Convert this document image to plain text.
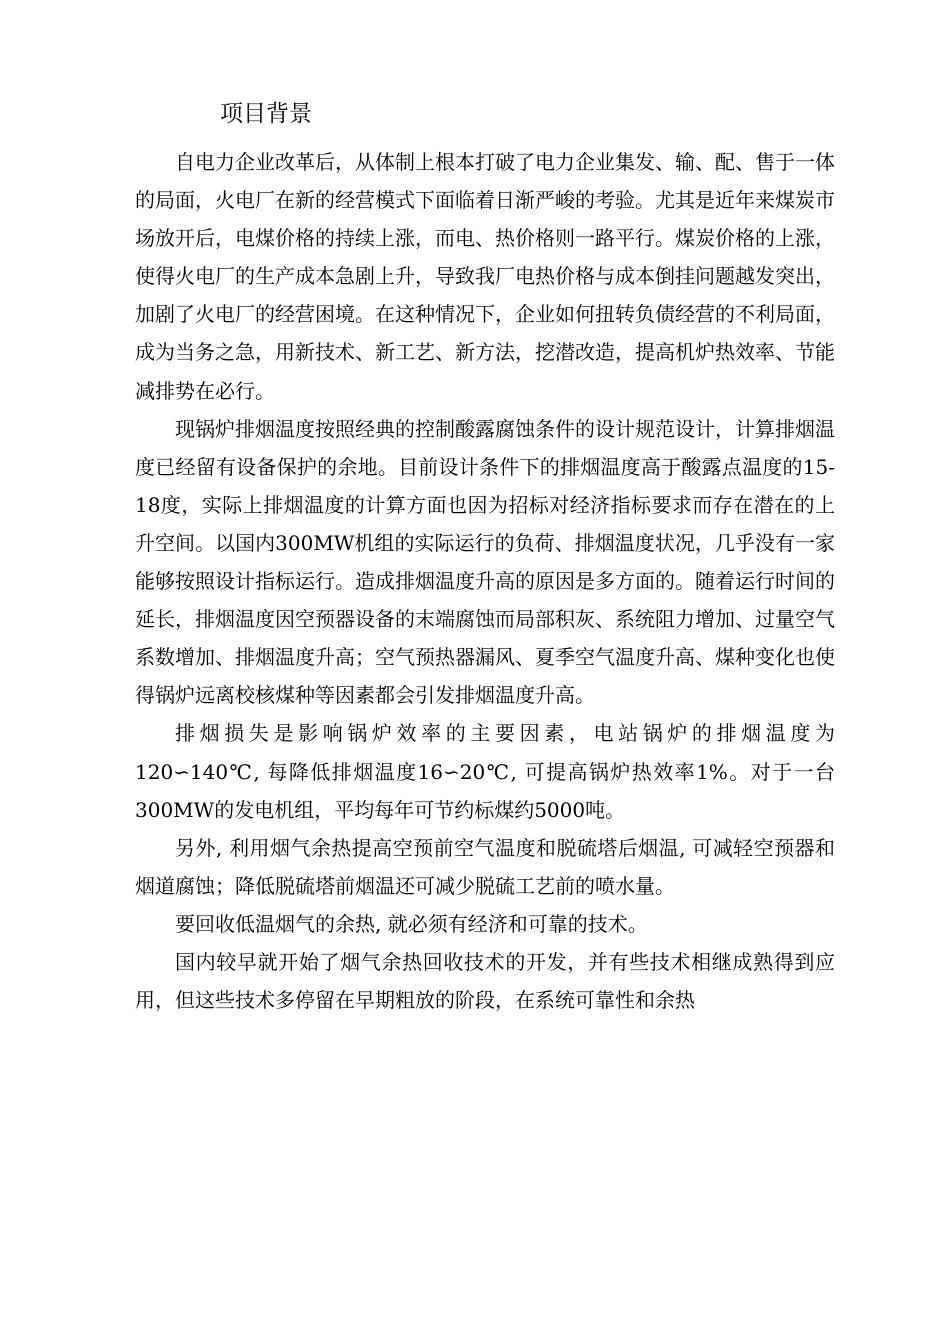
项目背景

自电力企业改革后，从体制上根本打破了电力企业集发、输、配、售于一体的局面，火电厂在新的经营模式下面临着日渐严峻的考验。尤其是近年来煤炭市场放开后，电煤价格的持续上涨，而电、热价格则一路平行。煤炭价格的上涨，使得火电厂的生产成本急剧上升，导致我厂电热价格与成本倒挂问题越发突出，加剧了火电厂的经营困境。在这种情况下，企业如何扭转负债经营的不利局面，成为当务之急，用新技术、新工艺、新方法，挖潜改造，提高机炉热效率、节能减排势在必行。

现锅炉排烟温度按照经典的控制酸露腐蚀条件的设计规范设计，计算排烟温度已经留有设备保护的余地。目前设计条件下的排烟温度高于酸露点温度的15-18度，实际上排烟温度的计算方面也因为招标对经济指标要求而存在潜在的上升空间。以国内300MW机组的实际运行的负荷、排烟温度状况，几乎没有一家能够按照设计指标运行。造成排烟温度升高的原因是多方面的。随着运行时间的延长，排烟温度因空预器设备的末端腐蚀而局部积灰、系统阻力增加、过量空气系数增加、排烟温度升高；空气预热器漏风、夏季空气温度升高、煤种变化也使得锅炉远离校核煤种等因素都会引发排烟温度升高。

排烟损失是影响锅炉效率的主要因素，电站锅炉的排烟温度为120∽140℃, 每降低排烟温度16∽20℃, 可提高锅炉热效率1%。对于一台300MW的发电机组，平均每年可节约标煤约5000吨。

另外, 利用烟气余热提高空预前空气温度和脱硫塔后烟温, 可减轻空预器和烟道腐蚀；降低脱硫塔前烟温还可减少脱硫工艺前的喷水量。

要回收低温烟气的余热, 就必须有经济和可靠的技术。

国内较早就开始了烟气余热回收技术的开发，并有些技术相继成熟得到应用，但这些技术多停留在早期粗放的阶段，在系统可靠性和余热
